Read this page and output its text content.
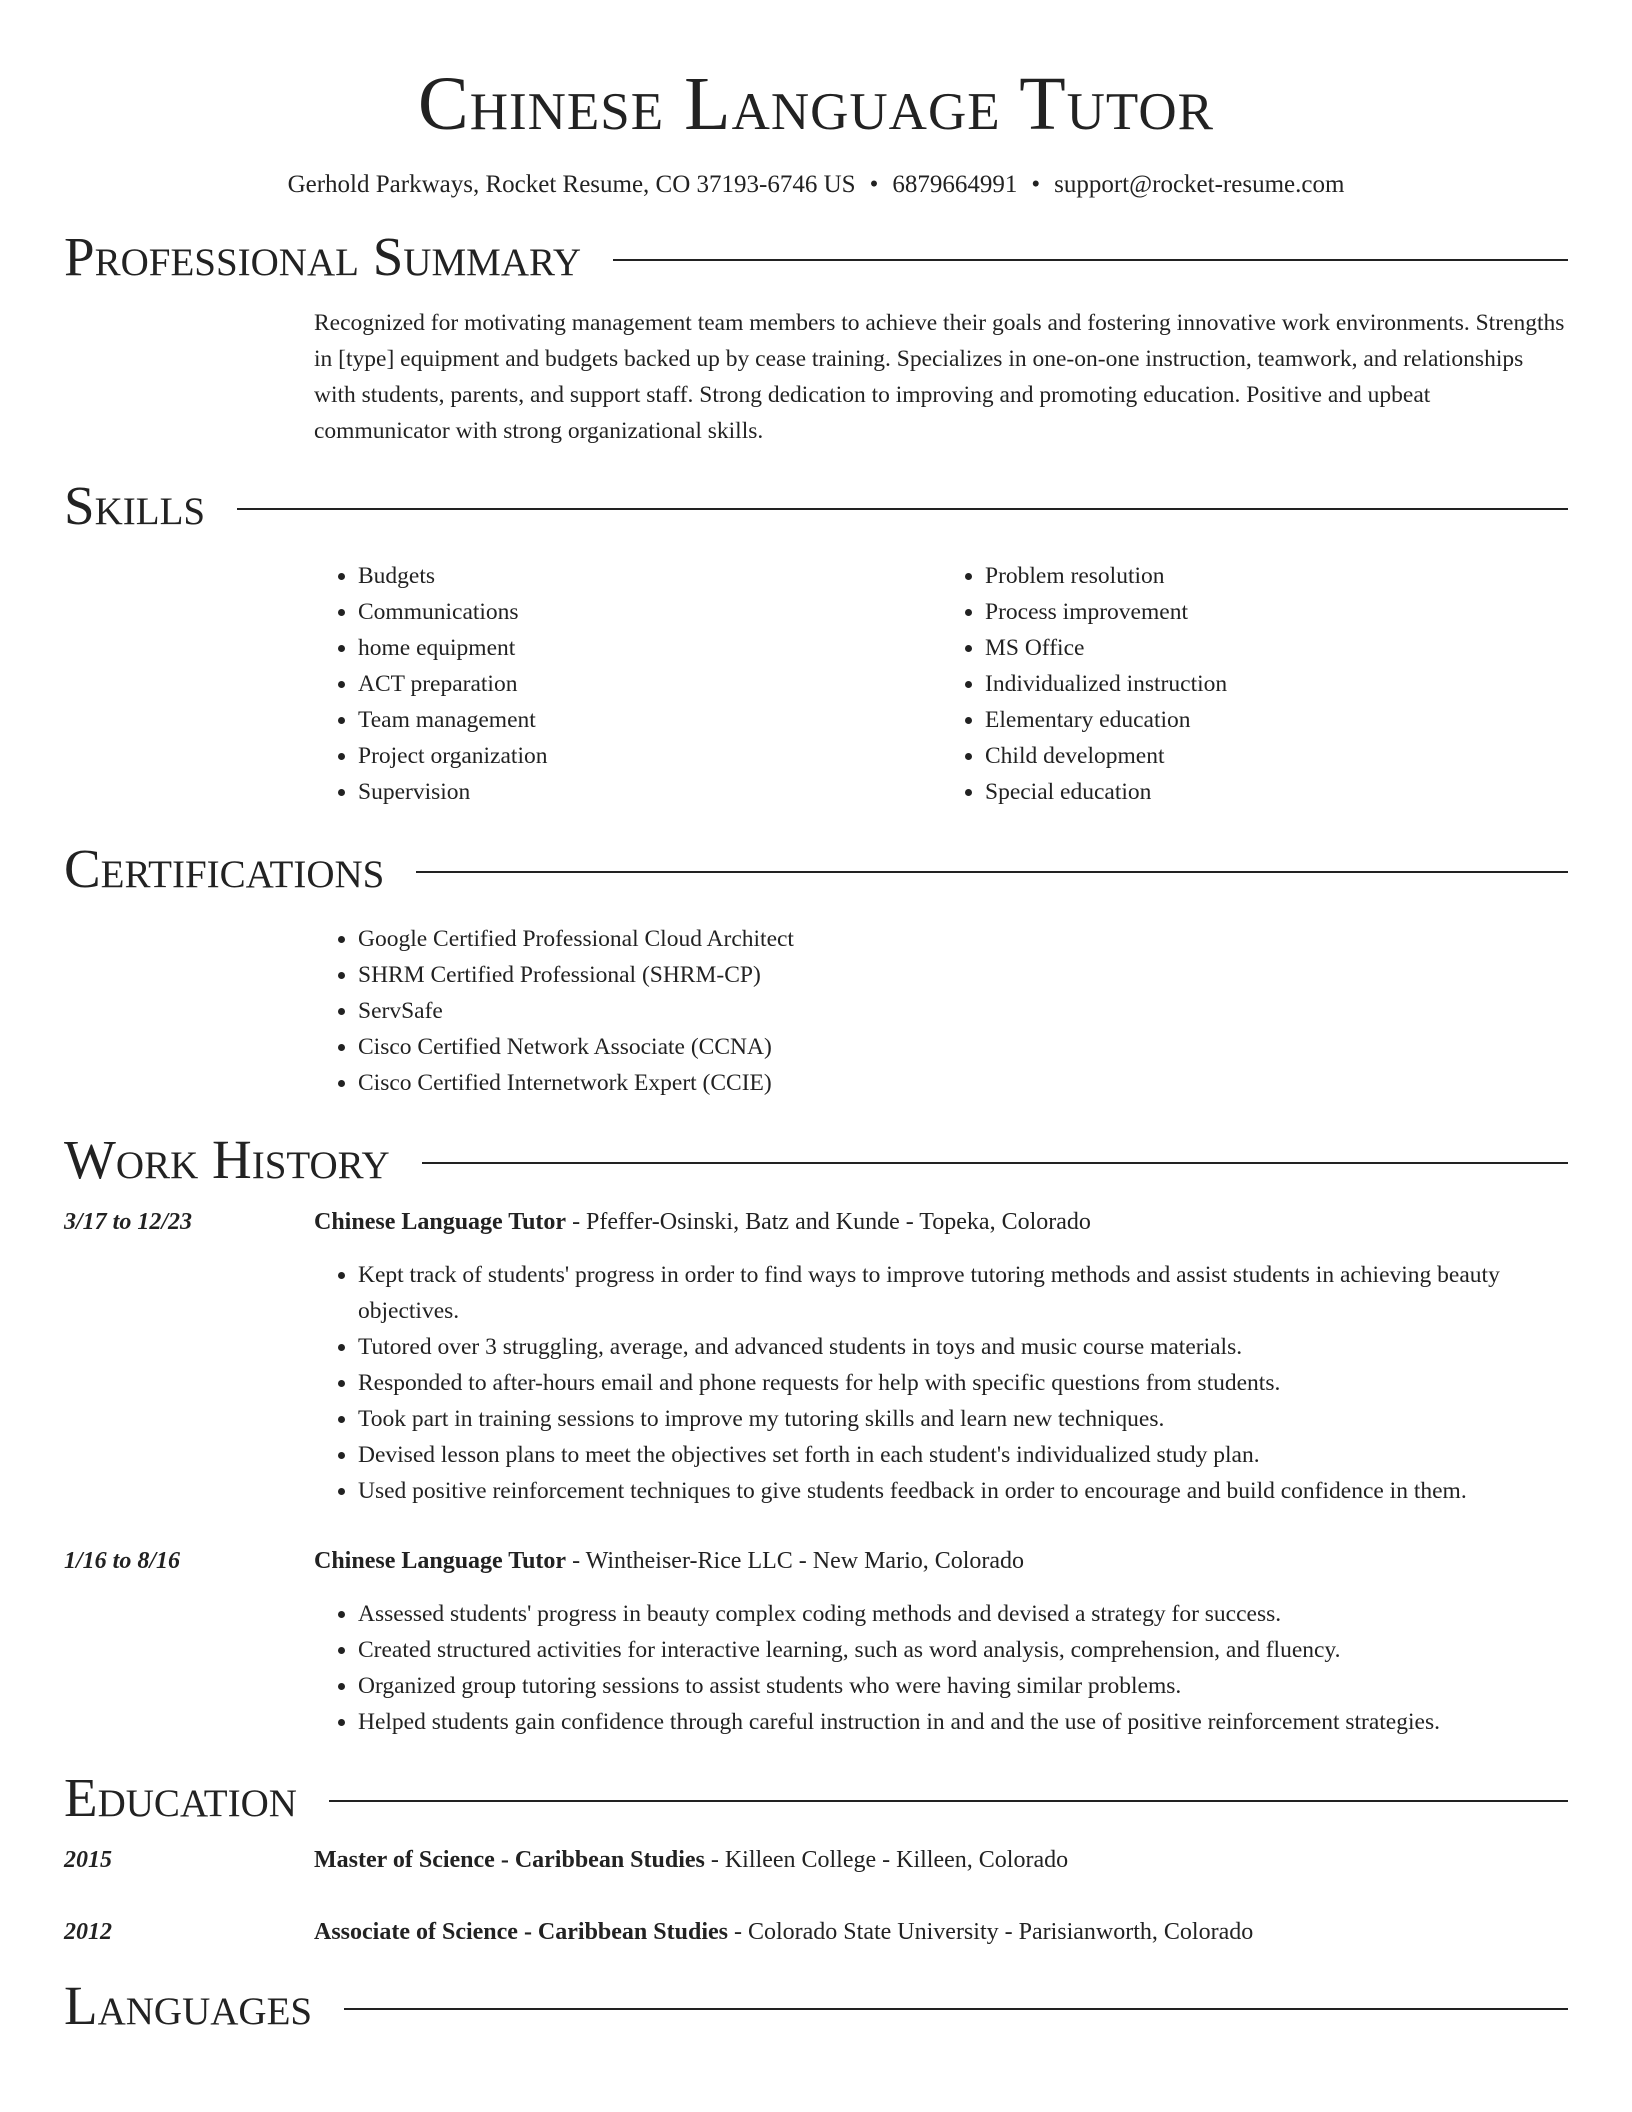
Chinese Language Tutor
Gerhold Parkways, Rocket Resume, CO 37193-6746 US • 6879664991 • support@rocket-resume.com
Professional Summary

Recognized for motivating management team members to achieve their goals and fostering innovative work environments. Strengths in [type] equipment and budgets backed up by cease training. Specializes in one-on-one instruction, teamwork, and relationships with students, parents, and support staff. Strong dedication to improving and promoting education. Positive and upbeat communicator with strong organizational skills.

Skills
• Budgets
• Communications
• home equipment
• ACT preparation
• Team management
• Project organization
• Supervision
• Problem resolution
• Process improvement
• MS Office
• Individualized instruction
• Elementary education
• Child development
• Special education
Certifications
• Google Certified Professional Cloud Architect
• SHRM Certified Professional (SHRM-CP)
• ServSafe
• Cisco Certified Network Associate (CCNA)
• Cisco Certified Internetwork Expert (CCIE)
Work History
3/17 to 12/23	Chinese Language Tutor - Pfeffer-Osinski, Batz and Kunde - Topeka, Colorado
• Kept track of students' progress in order to find ways to improve tutoring methods and assist students in achieving beauty objectives.
• Tutored over 3 struggling, average, and advanced students in toys and music course materials.
• Responded to after-hours email and phone requests for help with specific questions from students.
• Took part in training sessions to improve my tutoring skills and learn new techniques.
• Devised lesson plans to meet the objectives set forth in each student's individualized study plan.
• Used positive reinforcement techniques to give students feedback in order to encourage and build confidence in them.
1/16 to 8/16	Chinese Language Tutor - Wintheiser-Rice LLC - New Mario, Colorado
• Assessed students' progress in beauty complex coding methods and devised a strategy for success.
• Created structured activities for interactive learning, such as word analysis, comprehension, and fluency.
• Organized group tutoring sessions to assist students who were having similar problems.
• Helped students gain confidence through careful instruction in and and the use of positive reinforcement strategies.
Education
2015	Master of Science - Caribbean Studies - Killeen College - Killeen, Colorado
2012	Associate of Science - Caribbean Studies - Colorado State University - Parisianworth, Colorado
Languages
